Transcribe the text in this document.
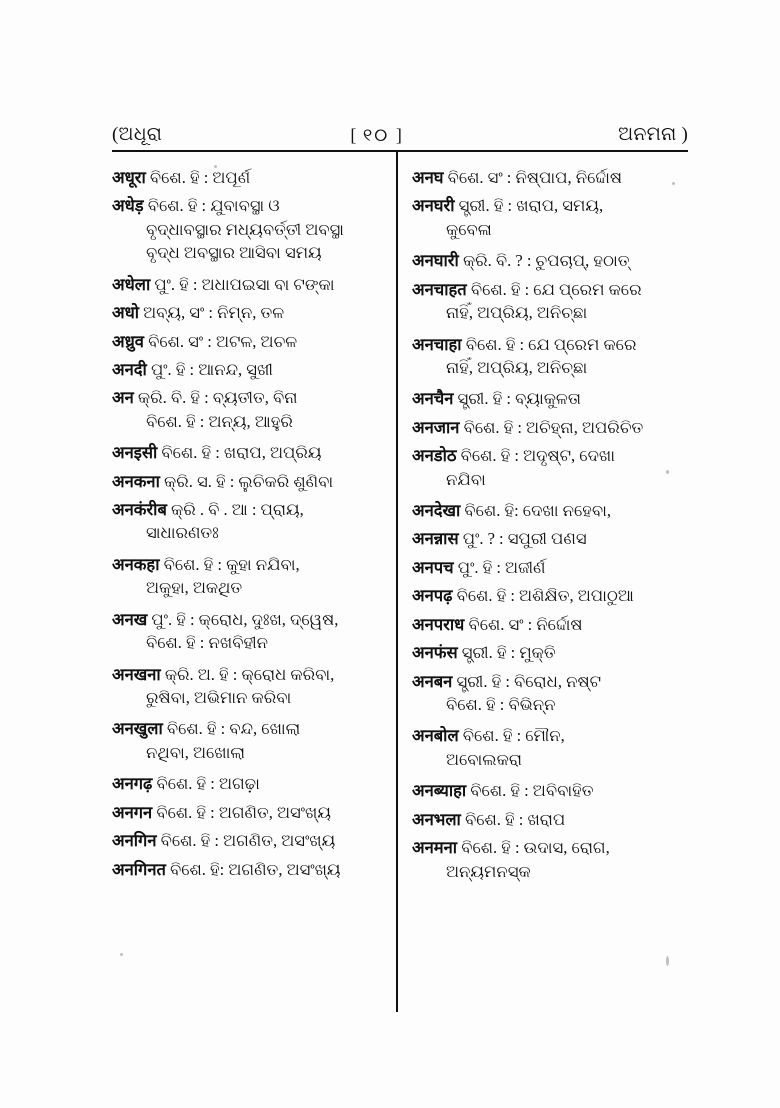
(ଅଧୂରା	[ ୧୦ ]	ଅନମନା )
अधूरा ବିଶେ. ହି : ଅପୂର୍ଣ
अधेड़ ବିଶେ. ହି : ଯୁବାବସ୍ଥା ଓ
ବୃଦ୍ଧାବସ୍ଥାର ମଧ୍ୟବର୍ତ୍ତୀ ଅବସ୍ଥା
ବୃଦ୍ଧ ଅବସ୍ଥାର ଆସିବା ସମୟ
अधेला ପୁଂ. ହି : ଅଧାପଇସା ବା ଟଙ୍କା
अधो ଅବ୍ୟ, ସଂ : ନିମ୍ନ, ତଳ
अध्रुव ବିଶେ. ସଂ : ଅଟଳ, ଅଚଳ
अनदी ପୁଂ. ହି : ଆନନ୍ଦ, ସୁଖୀ
अन କ୍ରି. ବି. ହି : ବ୍ୟତୀତ, ବିନା
ବିଶେ. ହି : ଅନ୍ୟ, ଆହୁରି
अनइसी ବିଶେ. ହି : ଖରାପ, ଅପ୍ରିୟ
अनकना କ୍ରି. ସ. ହି : ଲୁଚିକରି ଶୁଣିବା
अनकंरीब କ୍ରି . ବି . ଆ : ପ୍ରାୟ,
ସାଧାରଣତଃ
अनकहा ବିଶେ. ହି : କୁହା ନଯିବା,
ଅକୁହା, ଅକଥିତ
अनख ପୁଂ. ହି : କ୍ରୋଧ, ଦୁଃଖ, ଦ୍ୱେଷ,
ବିଶେ. ହି : ନଖବିହୀନ
अनखना କ୍ରି. ଅ. ହି : କ୍ରୋଧ କରିବା,
ରୁଷିବା, ଅଭିମାନ କରିବା
अनखुला ବିଶେ. ହି : ବନ୍ଦ, ଖୋଲା
ନଥିବା, ଅଖୋଲା
अनगढ़ ବିଶେ. ହି : ଅଗଢ଼ା
अनगन ବିଶେ. ହି : ଅଗଣିତ, ଅସଂଖ୍ୟ
अनगिन ବିଶେ. ହି : ଅଗଣିତ, ଅସଂଖ୍ୟ
अनगिनत ବିଶେ. ହି: ଅଗଣିତ, ଅସଂଖ୍ୟ
अनघ ବିଶେ. ସଂ : ନିଷ୍ପାପ, ନିର୍ଦ୍ଦୋଷ
अनघरी ସ୍ତ୍ରୀ. ହି : ଖରାପ, ସମୟ,
କୁବେଳା
अनघारी କ୍ରି. ବି. ? : ଚୁପଚାପ୍, ହଠାତ୍
अनचाहत ବିଶେ. ହି : ଯେ ପ୍ରେମ କରେ
ନାହିଁ, ଅପ୍ରିୟ, ଅନିଚ୍ଛା
अनचाहा ବିଶେ. ହି : ଯେ ପ୍ରେମ କରେ
ନାହିଁ, ଅପ୍ରିୟ, ଅନିଚ୍ଛା
अनचैन ସ୍ତ୍ରୀ. ହି : ବ୍ୟାକୁଳତା
अनजान ବିଶେ. ହି : ଅଚିହ୍ନା, ଅପରିଚିତ
अनडोठ ବିଶେ. ହି : ଅଦୃଷ୍ଟ, ଦେଖା
ନଯିବା
अनदेखा ବିଶେ. ହି: ଦେଖା ନହେବା,
अनन्नास ପୁଂ. ? : ସପୁରୀ ପଣସ
अनपच ପୁଂ. ହି : ଅଜୀର୍ଣ
अनपढ़ ବିଶେ. ହି : ଅଶିକ୍ଷିତ, ଅପାଠୁଆ
अनपराध ବିଶେ. ସଂ : ନିର୍ଦ୍ଦୋଷ
अनफंस ସ୍ତ୍ରୀ. ହି : ମୁକ୍ତି
अनबन ସ୍ତ୍ରୀ. ହି : ବିରୋଧ, ନଷ୍ଟ
ବିଶେ. ହି : ବିଭିନ୍ନ
अनबोल ବିଶେ. ହି : ମୌନ,
ଅବୋଲକରା
अनब्याहा ବିଶେ. ହି : ଅବିବାହିତ
अनभला ବିଶେ. ହି : ଖରାପ
अनमना ବିଶେ. ହି : ଉଦାସ, ରୋଗ,
ଅନ୍ୟମନସ୍କ
